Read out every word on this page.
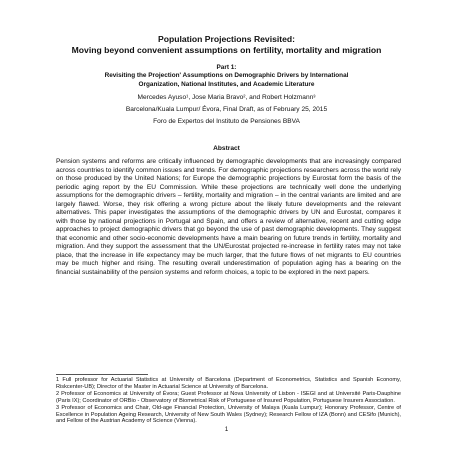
Population Projections Revisited:
Moving beyond convenient assumptions on fertility, mortality and migration
Part 1:
Revisiting the Projection' Assumptions on Demographic Drivers by International
Organization, National Institutes, and Academic Literature
Mercedes Ayuso¹, Jose Maria Bravo², and Robert Holzmann³
Barcelona/Kuala Lumpur/ Évora, Final Draft, as of February 25, 2015
Foro de Expertos del Instituto de Pensiones BBVA
Abstract

Pension systems and reforms are critically influenced by demographic developments that are increasingly compared across countries to identify common issues and trends. For demographic projections researchers across the world rely on those produced by the United Nations; for Europe the demographic projections by Eurostat form the basis of the periodic aging report by the EU Commission. While these projections are technically well done the underlying assumptions for the demographic drivers – fertility, mortality and migration – in the central variants are limited and are largely flawed. Worse, they risk offering a wrong picture about the likely future developments and the relevant alternatives. This paper investigates the assumptions of the demographic drivers by UN and Eurostat, compares it with those by national projections in Portugal and Spain, and offers a review of alternative, recent and cutting edge approaches to project demographic drivers that go beyond the use of past demographic developments. They suggest that economic and other socio-economic developments have a main bearing on future trends in fertility, mortality and migration. And they support the assessment that the UN/Eurostat projected re-increase in fertility rates may not take place, that the increase in life expectancy may be much larger, that the future flows of net migrants to EU countries may be much higher and rising. The resulting overall underestimation of population aging has a bearing on the financial sustainability of the pension systems and reform choices, a topic to be explored in the next papers.

1 Full professor for Actuarial Statistics at University of Barcelona (Department of Econometrics, Statistics and Spanish Economy, Riskcenter-UB); Director of the Master in Actuarial Science at University of Barcelona.

2 Professor of Economics at University of Évora; Guest Professor at Nova University of Lisbon - ISEGI and at Université Paris-Dauphine (Paris IX); Coordinator of ORBio - Observatory of Biometrical Risk of Portuguese of Insured Population, Portuguese Insurers Association.

3 Professor of Economics and Chair, Old-age Financial Protection, University of Malaya (Kuala Lumpur); Honorary Professor, Centre of Excellence in Population Ageing Research, University of New South Wales (Sydney); Research Fellow of IZA (Bonn) and CESifo (Munich), and Fellow of the Austrian Academy of Science (Vienna).

1
